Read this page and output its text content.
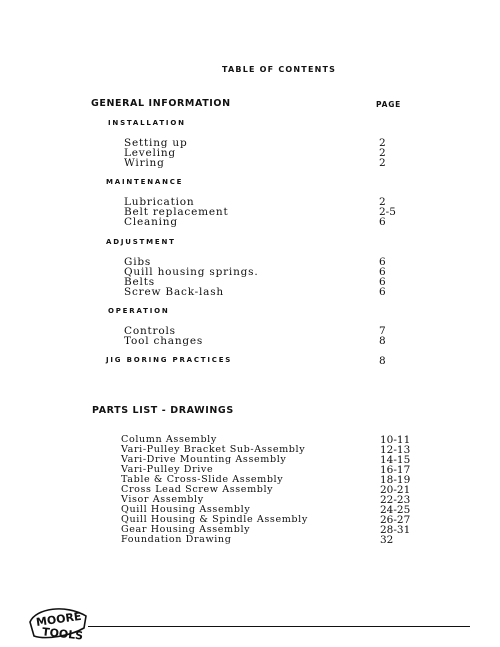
TABLE OF CONTENTS
GENERAL INFORMATION	PAGE
INSTALLATION
Setting up	2
Leveling	2
Wiring	2
MAINTENANCE
Lubrication	2
Belt replacement	2-5
Cleaning	6
ADJUSTMENT
Gibs	6
Quill housing springs.	6
Belts	6
Screw Back-lash	6
OPERATION
Controls	7
Tool changes	8
JIG BORING PRACTICES	8
PARTS LIST - DRAWINGS
Column Assembly	10-11
Vari-Pulley Bracket Sub-Assembly	12-13
Vari-Drive Mounting Assembly	14-15
Vari-Pulley Drive	16-17
Table & Cross-Slide Assembly	18-19
Cross Lead Screw Assembly	20-21
Visor Assembly	22-23
Quill Housing Assembly	24-25
Quill Housing & Spindle Assembly	26-27
Gear Housing Assembly	28-31
Foundation Drawing	32
MOORE
TOOLS
